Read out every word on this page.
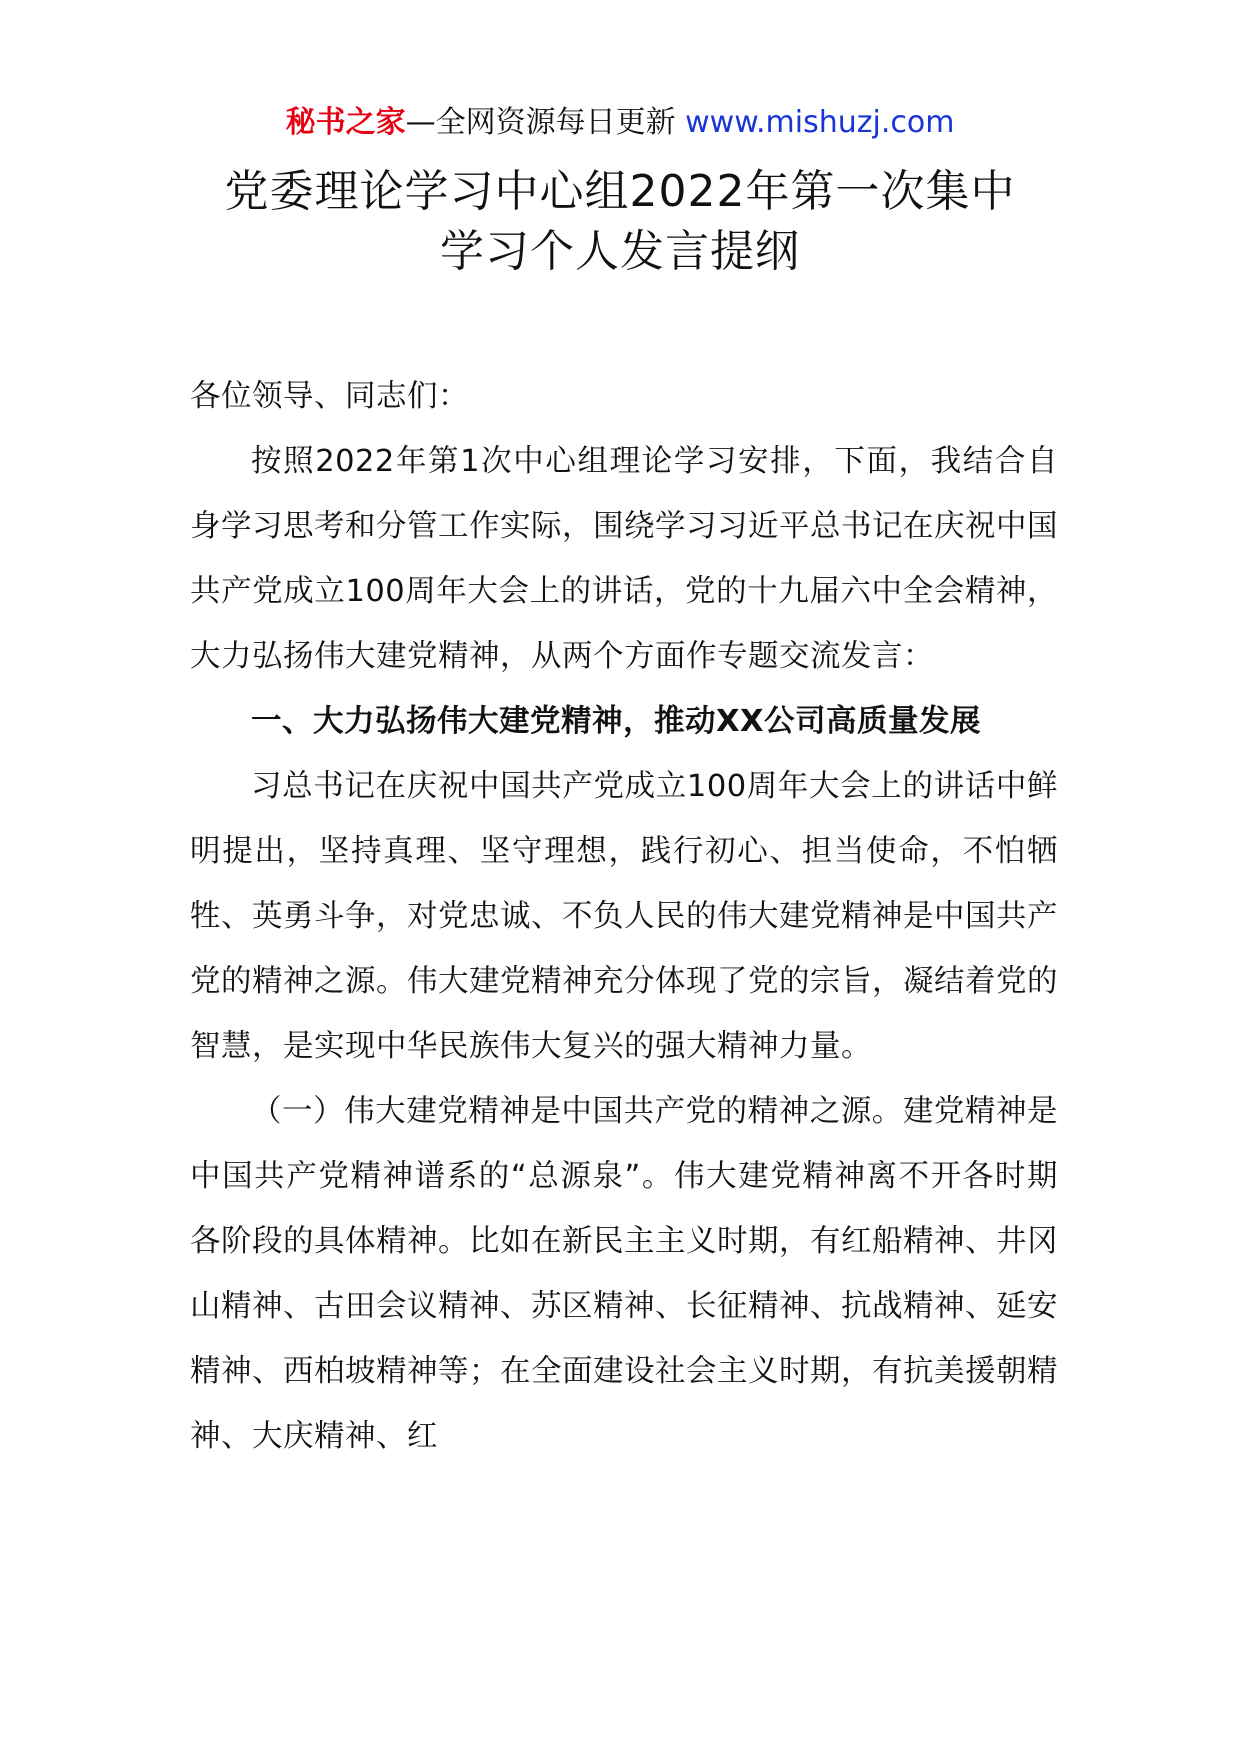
秘书之家—全网资源每日更新 www.mishuzj.com
党委理论学习中心组2022年第一次集中
学习个人发言提纲

各位领导、同志们：

按照2022年第1次中心组理论学习安排，下面，我结合自身学习思考和分管工作实际，围绕学习习近平总书记在庆祝中国共产党成立100周年大会上的讲话，党的十九届六中全会精神，大力弘扬伟大建党精神，从两个方面作专题交流发言：

一、大力弘扬伟大建党精神，推动XX公司高质量发展

习总书记在庆祝中国共产党成立100周年大会上的讲话中鲜明提出，坚持真理、坚守理想，践行初心、担当使命，不怕牺牲、英勇斗争，对党忠诚、不负人民的伟大建党精神是中国共产党的精神之源。伟大建党精神充分体现了党的宗旨，凝结着党的智慧，是实现中华民族伟大复兴的强大精神力量。

（一）伟大建党精神是中国共产党的精神之源。建党精神是中国共产党精神谱系的“总源泉”。伟大建党精神离不开各时期各阶段的具体精神。比如在新民主主义时期，有红船精神、井冈山精神、古田会议精神、苏区精神、长征精神、抗战精神、延安精神、西柏坡精神等；在全面建设社会主义时期，有抗美援朝精神、大庆精神、红
